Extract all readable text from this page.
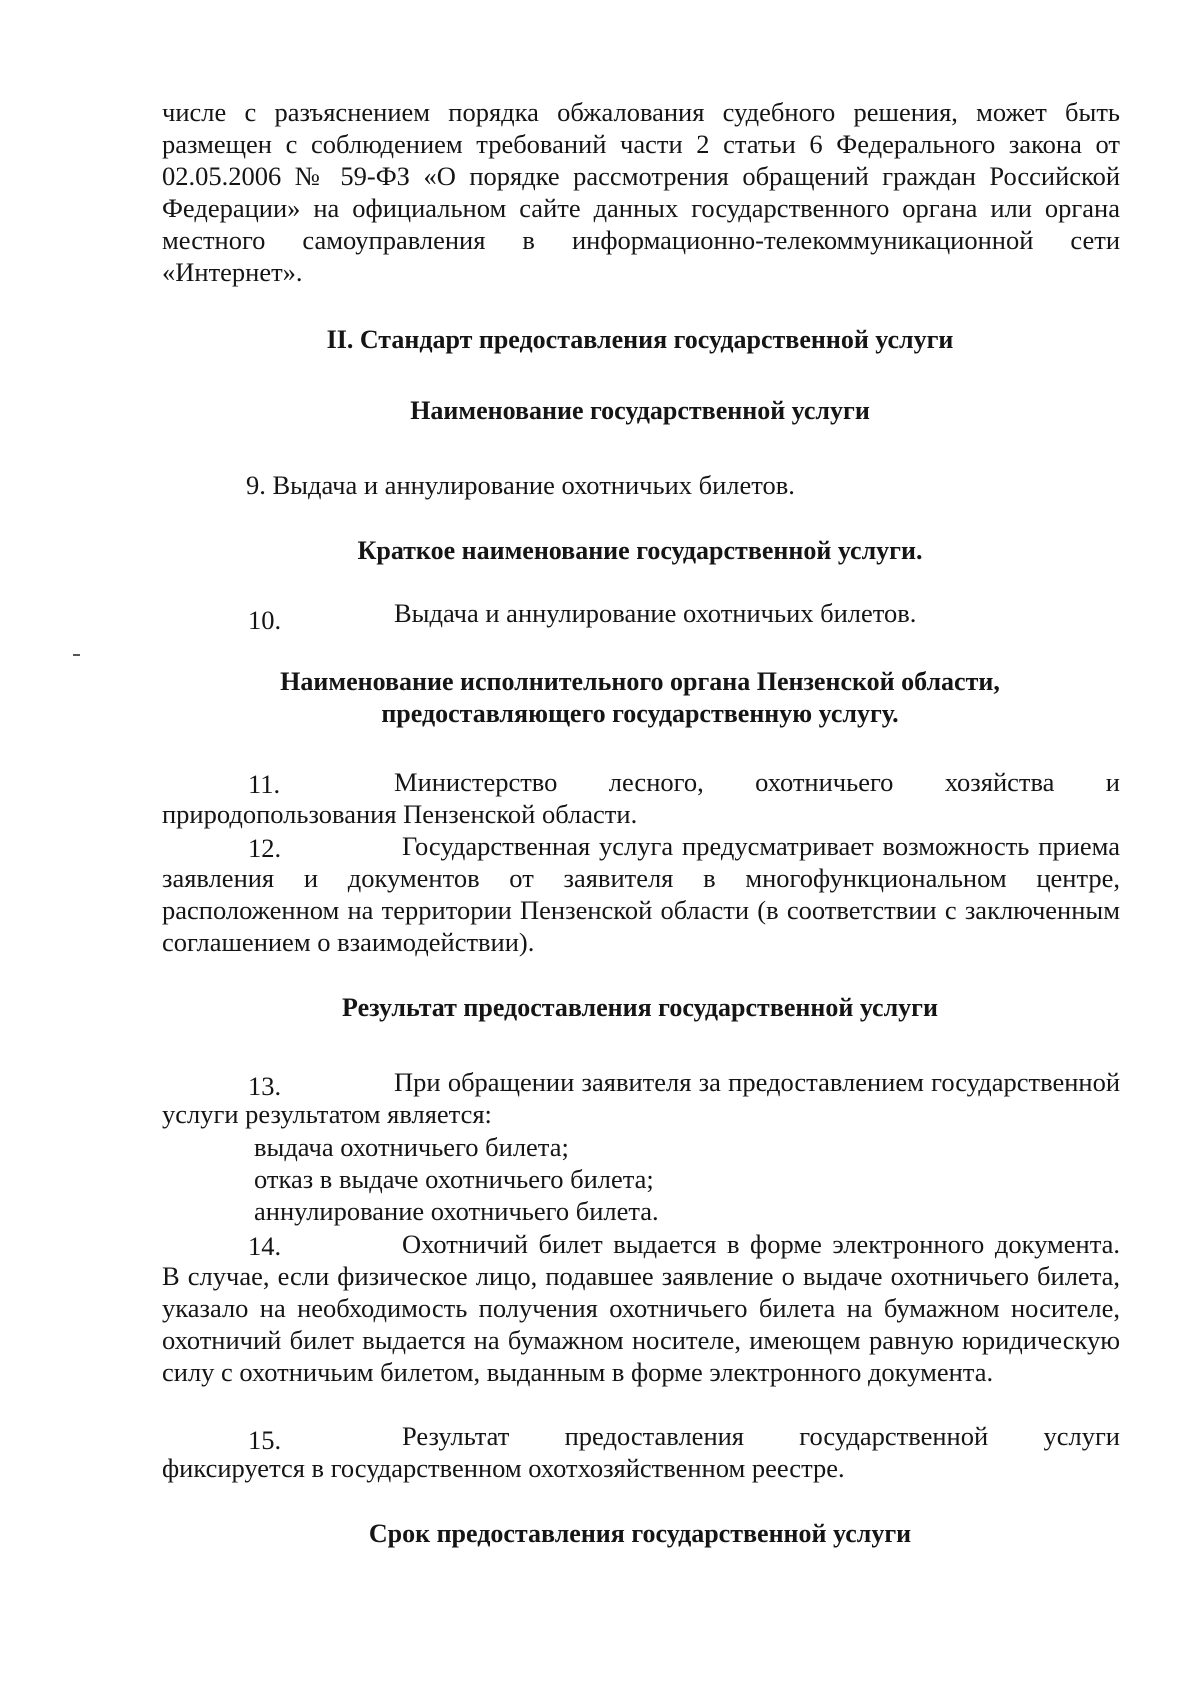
числе с разъяснением порядка обжалования судебного решения, может быть размещен с соблюдением требований части 2 статьи 6 Федерального закона от 02.05.2006 № 59-ФЗ «О порядке рассмотрения обращений граждан Российской Федерации» на официальном сайте данных государственного органа или органа местного самоуправления в информационно-телекоммуникационной сети «Интернет».

II. Стандарт предоставления государственной услуги

Наименование государственной услуги

9. Выдача и аннулирование охотничьих билетов.

Краткое наименование государственной услуги.

10.	Выдача и аннулирование охотничьих билетов.

Наименование исполнительного органа Пензенской области,

предоставляющего государственную услугу.

11.	Министерство лесного, охотничьего хозяйства и природопользования Пензенской области.

12.	Государственная услуга предусматривает возможность приема заявления и документов от заявителя в многофункциональном центре, расположенном на территории Пензенской области (в соответствии с заключенным соглашением о взаимодействии).

Результат предоставления государственной услуги

13.	При обращении заявителя за предоставлением государственной услуги результатом является:

выдача охотничьего билета;
отказ в выдаче охотничьего билета;
аннулирование охотничьего билета.
14.	Охотничий билет выдается в форме электронного документа. В случае, если физическое лицо, подавшее заявление о выдаче охотничьего билета, указало на необходимость получения охотничьего билета на бумажном носителе, охотничий билет выдается на бумажном носителе, имеющем равную юридическую силу с охотничьим билетом, выданным в форме электронного документа.

15.	Результат предоставления государственной услуги фиксируется в государственном охотхозяйственном реестре.

Срок предоставления государственной услуги
